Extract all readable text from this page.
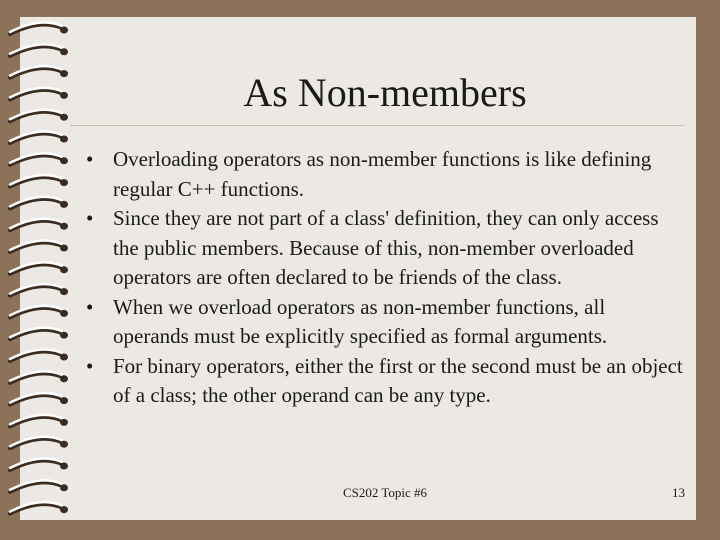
As Non-members
• Overloading operators as non-member functions is like defining regular C++ functions.
• Since they are not part of a class' definition, they can only access the public members. Because of this, non-member overloaded operators are often declared to be friends of the class.
• When we overload operators as non-member functions, all operands must be explicitly specified as formal arguments.
• For binary operators, either the first or the second must be an object of a class; the other operand can be any type.
CS202 Topic #6	13
